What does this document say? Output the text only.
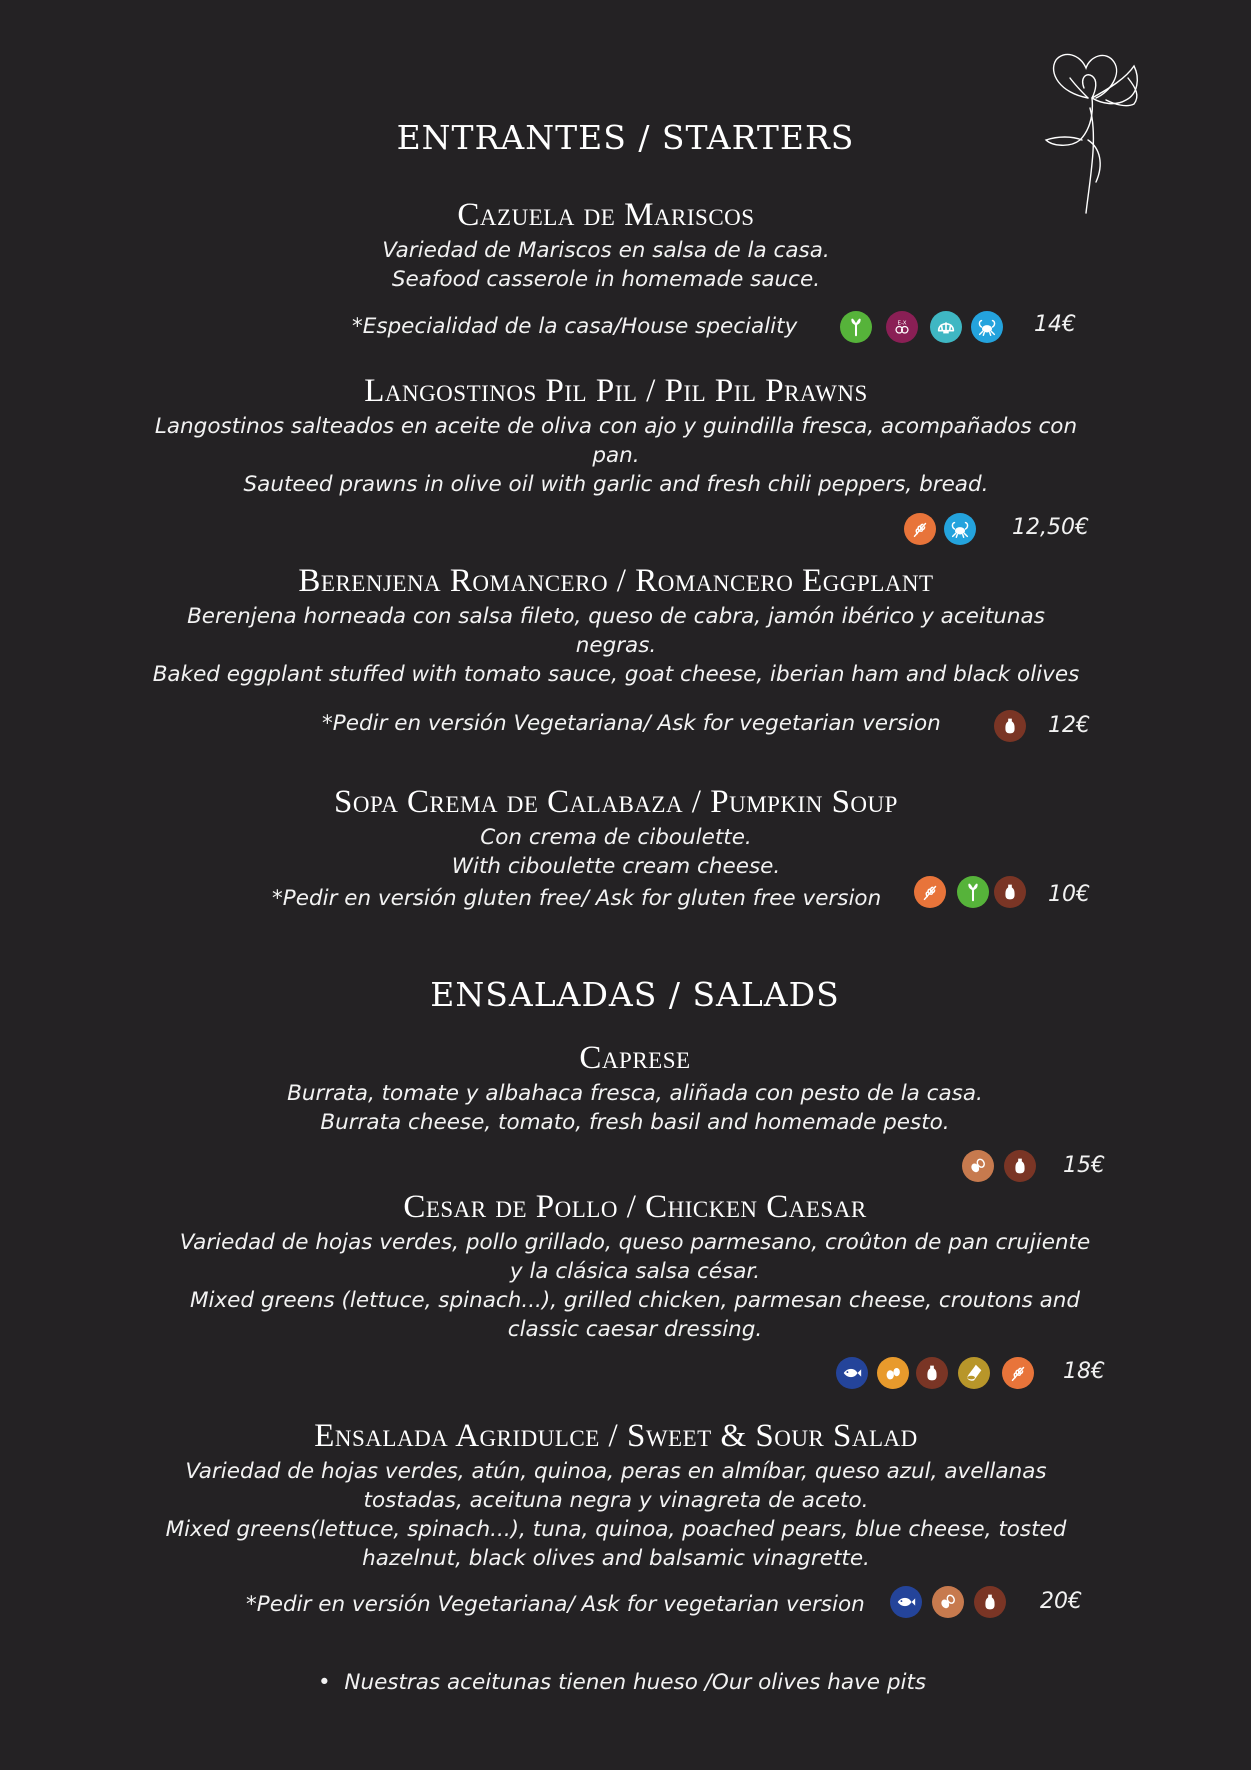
ENTRANTES / STARTERS
Cazuela de Mariscos
Variedad de Mariscos en salsa de la casa.
Seafood casserole in homemade sauce.
*Especialidad de la casa/House speciality	E-X	14€
Langostinos Pil Pil / Pil Pil Prawns
Langostinos salteados en aceite de oliva con ajo y guindilla fresca, acompañados con
pan.
Sauteed prawns in olive oil with garlic and fresh chili peppers, bread.
12,50€
Berenjena Romancero / Romancero Eggplant
Berenjena horneada con salsa fileto, queso de cabra, jamón ibérico y aceitunas
negras.
Baked eggplant stuffed with tomato sauce, goat cheese, iberian ham and black olives
*Pedir en versión Vegetariana/ Ask for vegetarian version	12€
Sopa Crema de Calabaza / Pumpkin Soup
Con crema de ciboulette.
With ciboulette cream cheese.
*Pedir en versión gluten free/ Ask for gluten free version	10€
ENSALADAS / SALADS
Caprese
Burrata, tomate y albahaca fresca, aliñada con pesto de la casa.
Burrata cheese, tomato, fresh basil and homemade pesto.
15€
Cesar de Pollo / Chicken Caesar
Variedad de hojas verdes, pollo grillado, queso parmesano, croûton de pan crujiente
y la clásica salsa césar.
Mixed greens (lettuce, spinach...), grilled chicken, parmesan cheese, croutons and
classic caesar dressing.
18€
Ensalada Agridulce / Sweet & Sour Salad
Variedad de hojas verdes, atún, quinoa, peras en almíbar, queso azul, avellanas
tostadas, aceituna negra y vinagreta de aceto.
Mixed greens(lettuce, spinach...), tuna, quinoa, poached pears, blue cheese, tosted
hazelnut, black olives and balsamic vinagrette.
*Pedir en versión Vegetariana/ Ask for vegetarian version	20€
• Nuestras aceitunas tienen hueso /Our olives have pits
